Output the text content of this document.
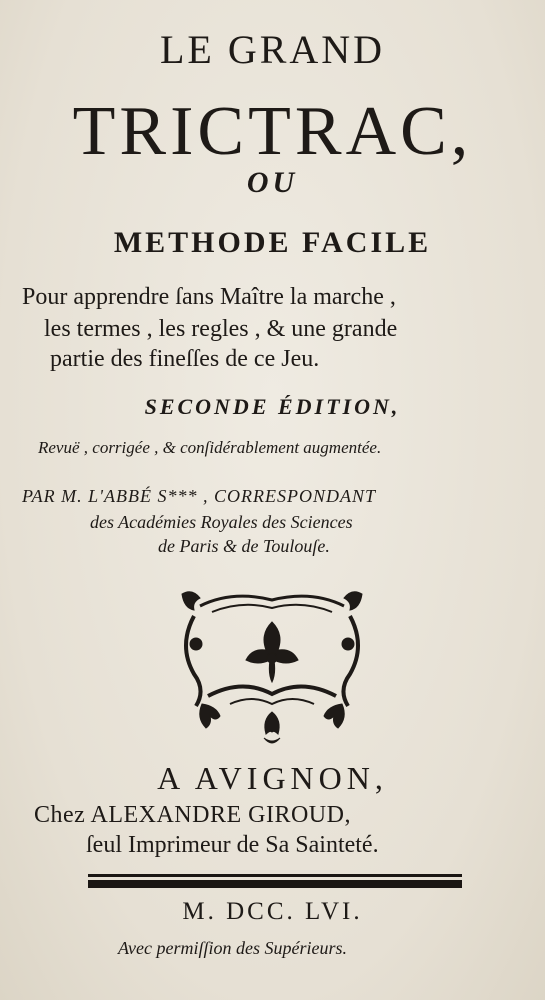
LE GRAND
TRICTRAC,
OU
METHODE FACILE
Pour apprendre ſans Maître la marche ,
les termes , les regles , & une grande
partie des fineſſes de ce Jeu.
SECONDE ÉDITION,
Revuë , corrigée , & conſidérablement augmentée.
PAR M. L'ABBÉ S*** , CORRESPONDANT
des Académies Royales des Sciences
de Paris & de Toulouſe.
A AVIGNON,
Chez ALEXANDRE GIROUD,
ſeul Imprimeur de Sa Sainteté.
M. DCC. LVI.
Avec permiſſion des Supérieurs.
